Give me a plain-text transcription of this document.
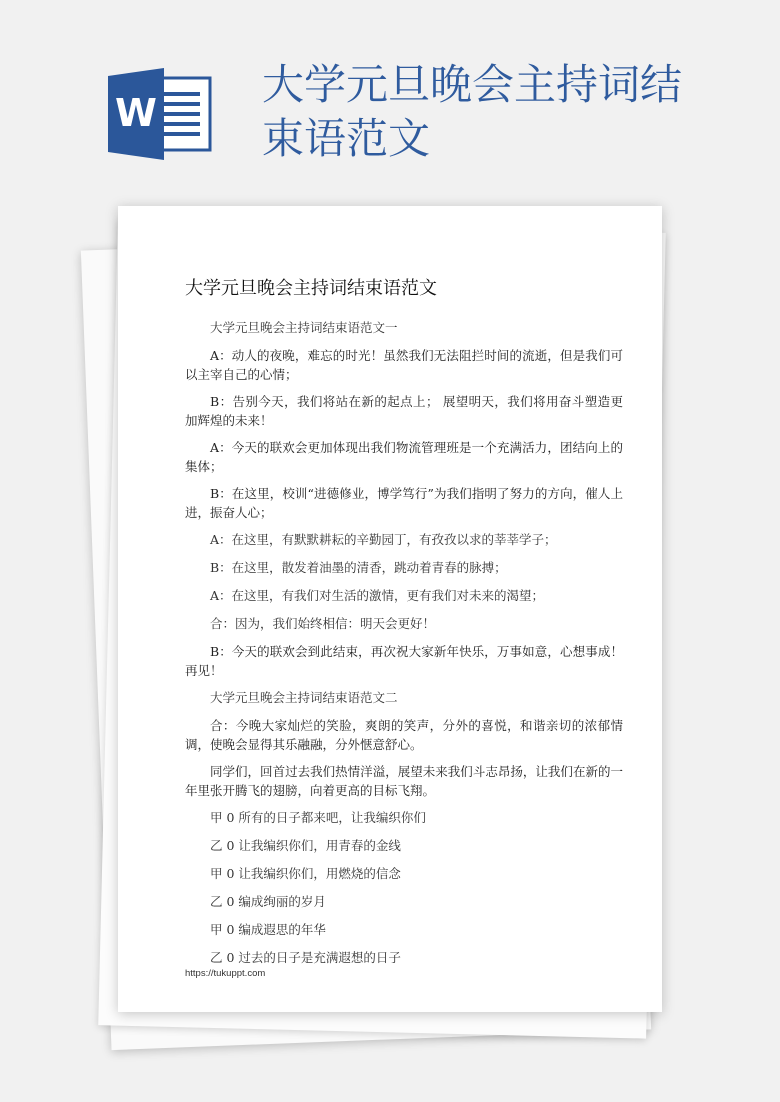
W
大学元旦晚会主持词结
束语范文
大学元旦晚会主持词结束语范文

大学元旦晚会主持词结束语范文一

A：动人的夜晚，难忘的时光！虽然我们无法阻拦时间的流逝，但是我们可以主宰自己的心情；

B：告别今天，我们将站在新的起点上； 展望明天，我们将用奋斗塑造更加辉煌的未来！

A：今天的联欢会更加体现出我们物流管理班是一个充满活力，团结向上的集体；

B：在这里，校训“进德修业，博学笃行”为我们指明了努力的方向，催人上进，振奋人心；

A：在这里，有默默耕耘的辛勤园丁，有孜孜以求的莘莘学子；

B：在这里，散发着油墨的清香，跳动着青春的脉搏；

A：在这里，有我们对生活的激情，更有我们对未来的渴望；

合：因为，我们始终相信：明天会更好！

B：今天的联欢会到此结束，再次祝大家新年快乐，万事如意，心想事成！再见！

大学元旦晚会主持词结束语范文二

合：今晚大家灿烂的笑脸，爽朗的笑声，分外的喜悦，和谐亲切的浓郁情调，使晚会显得其乐融融，分外惬意舒心。

同学们，回首过去我们热情洋溢，展望未来我们斗志昂扬，让我们在新的一年里张开腾飞的翅膀，向着更高的目标飞翔。

甲 0 所有的日子都来吧，让我编织你们

乙 0 让我编织你们，用青春的金线

甲 0 让我编织你们，用燃烧的信念

乙 0 编成绚丽的岁月

甲 0 编成遐思的年华

乙 0 过去的日子是充满遐想的日子

https://tukuppt.com
